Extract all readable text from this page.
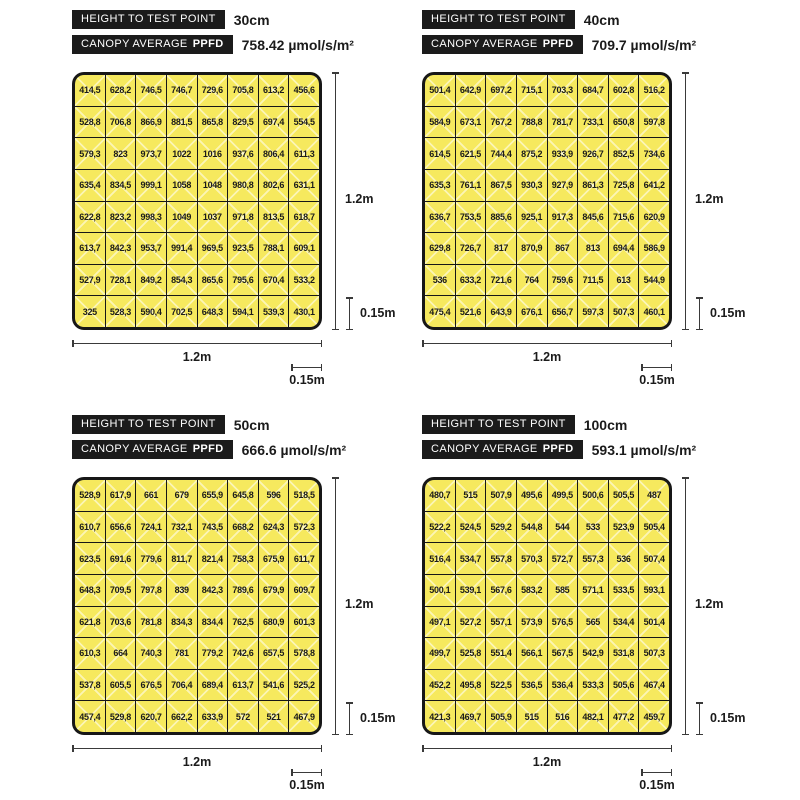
HEIGHT TO TEST POINT 30cm
CANOPY AVERAGE PPFD 758.42 µmol/s/m²
414,5	628,2	746,5	746,7	729,6	705,8	613,2	456,6
528,8	706,8	866,9	881,5	865,8	829,5	697,4	554,5
579,3	823	973,7	1022	1016	937,6	806,4	611,3
635,4	834,5	999,1	1058	1048	980,8	802,6	631,1
622,8	823,2	998,3	1049	1037	971,8	813,5	618,7
613,7	842,3	953,7	991,4	969,5	923,5	788,1	609,1
527,9	728,1	849,2	854,3	865,6	795,6	670,4	533,2
325	528,3	590,4	702,5	648,3	594,1	539,3	430,1
1.2m
0.15m
1.2m
0.15m
HEIGHT TO TEST POINT 40cm
CANOPY AVERAGE PPFD 709.7 µmol/s/m²
501,4	642,9	697,2	715,1	703,3	684,7	602,8	516,2
584,9	673,1	767,2	788,8	781,7	733,1	650,8	597,8
614,5	621,5	744,4	875,2	933,9	926,7	852,5	734,6
635,3	761,1	867,5	930,3	927,9	861,3	725,8	641,2
636,7	753,5	885,6	925,1	917,3	845,6	715,6	620,9
629,8	726,7	817	870,9	867	813	694,4	586,9
536	633,2	721,6	764	759,6	711,5	613	544,9
475,4	521,6	643,9	676,1	656,7	597,3	507,3	460,1
1.2m
0.15m
1.2m
0.15m
HEIGHT TO TEST POINT 50cm
CANOPY AVERAGE PPFD 666.6 µmol/s/m²
528,9	617,9	661	679	655,9	645,8	596	518,5
610,7	656,6	724,1	732,1	743,5	668,2	624,3	572,3
623,5	691,6	779,6	811,7	821,4	758,3	675,9	611,7
648,3	709,5	797,8	839	842,3	789,6	679,9	609,7
621,8	703,6	781,8	834,3	834,4	762,5	680,9	601,3
610,3	664	740,3	781	779,2	742,6	657,5	578,8
537,8	605,5	676,5	706,4	689,4	613,7	541,6	525,2
457,4	529,8	620,7	662,2	633,9	572	521	467,9
1.2m
0.15m
1.2m
0.15m
HEIGHT TO TEST POINT 100cm
CANOPY AVERAGE PPFD 593.1 µmol/s/m²
480,7	515	507,9	495,6	499,5	500,6	505,5	487
522,2	524,5	529,2	544,8	544	533	523,9	505,4
516,4	534,7	557,8	570,3	572,7	557,3	536	507,4
500,1	539,1	567,6	583,2	585	571,1	533,5	593,1
497,1	527,2	557,1	573,9	576,5	565	534,4	501,4
499,7	525,8	551,4	566,1	567,5	542,9	531,8	507,3
452,2	495,8	522,5	536,5	536,4	533,3	505,6	467,4
421,3	469,7	505,9	515	516	482,1	477,2	459,7
1.2m
0.15m
1.2m
0.15m
